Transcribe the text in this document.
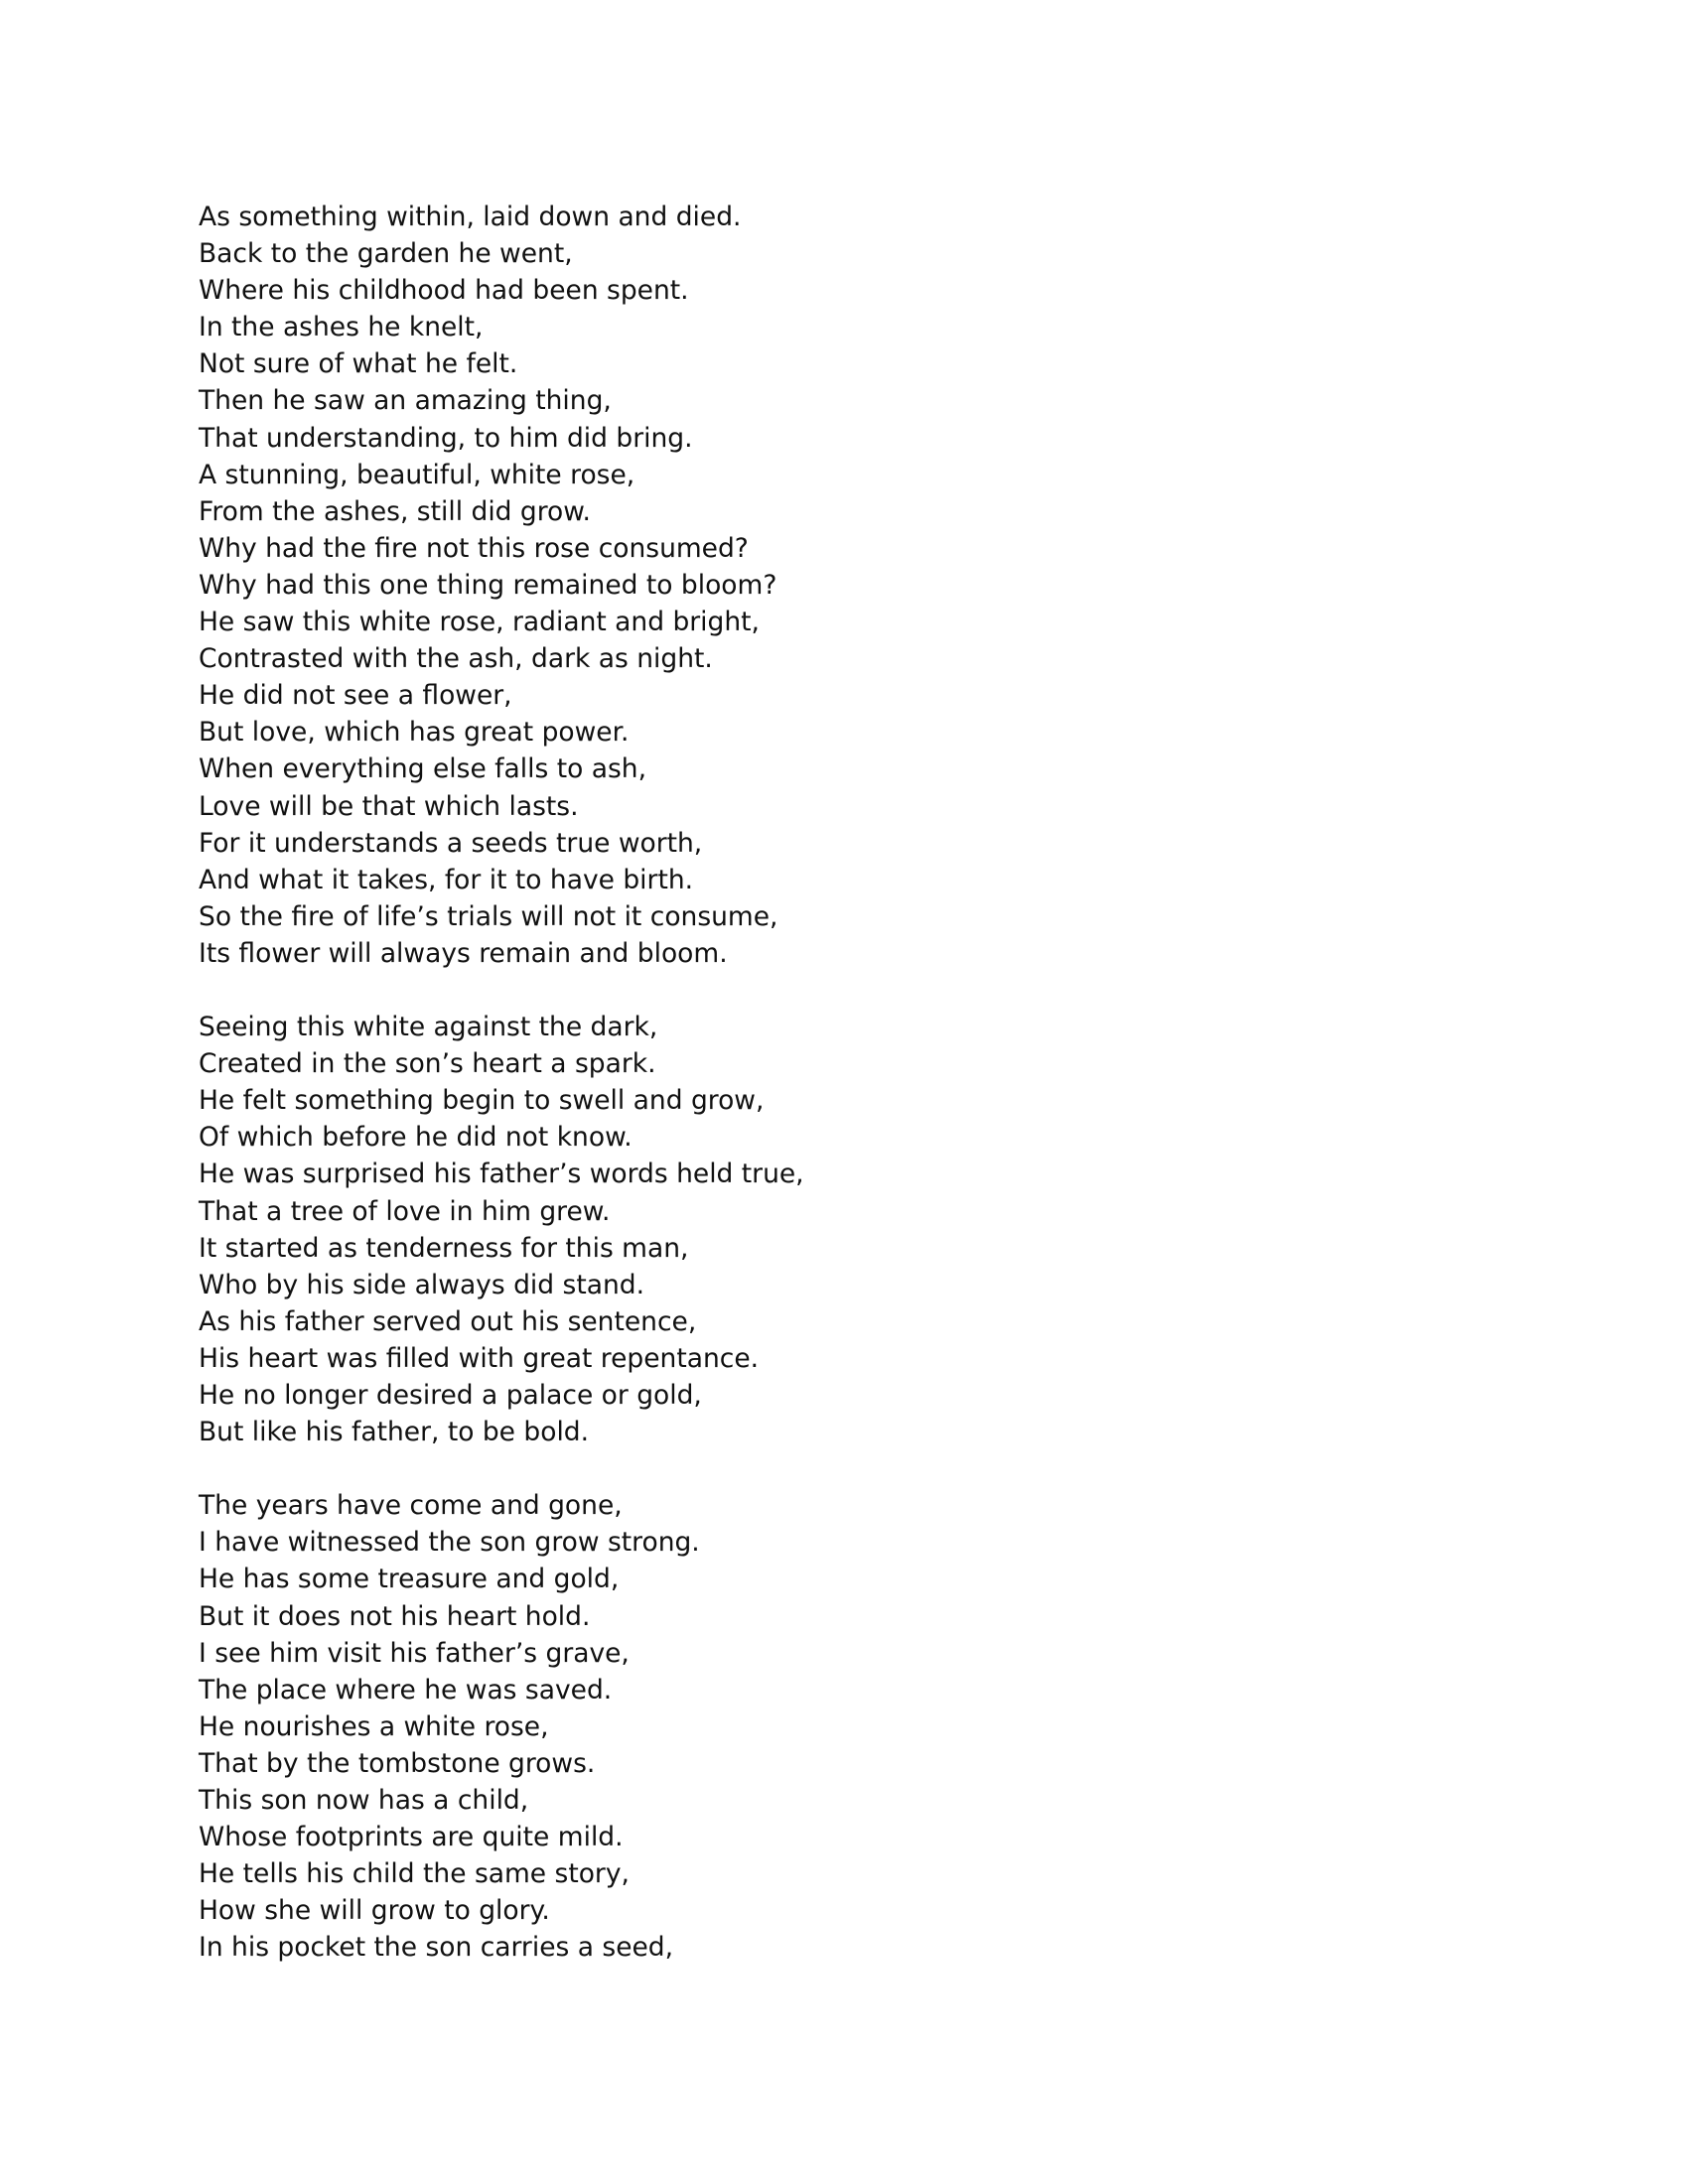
As something within, laid down and died.
Back to the garden he went,
Where his childhood had been spent.
In the ashes he knelt,
Not sure of what he felt.
Then he saw an amazing thing,
That understanding, to him did bring.
A stunning, beautiful, white rose,
From the ashes, still did grow.
Why had the fire not this rose consumed?
Why had this one thing remained to bloom?
He saw this white rose, radiant and bright,
Contrasted with the ash, dark as night.
He did not see a flower,
But love, which has great power.
When everything else falls to ash,
Love will be that which lasts.
For it understands a seeds true worth,
And what it takes, for it to have birth.
So the fire of life’s trials will not it consume,
Its flower will always remain and bloom.
Seeing this white against the dark,
Created in the son’s heart a spark.
He felt something begin to swell and grow,
Of which before he did not know.
He was surprised his father’s words held true,
That a tree of love in him grew.
It started as tenderness for this man,
Who by his side always did stand.
As his father served out his sentence,
His heart was filled with great repentance.
He no longer desired a palace or gold,
But like his father, to be bold.
The years have come and gone,
I have witnessed the son grow strong.
He has some treasure and gold,
But it does not his heart hold.
I see him visit his father’s grave,
The place where he was saved.
He nourishes a white rose,
That by the tombstone grows.
This son now has a child,
Whose footprints are quite mild.
He tells his child the same story,
How she will grow to glory.
In his pocket the son carries a seed,
